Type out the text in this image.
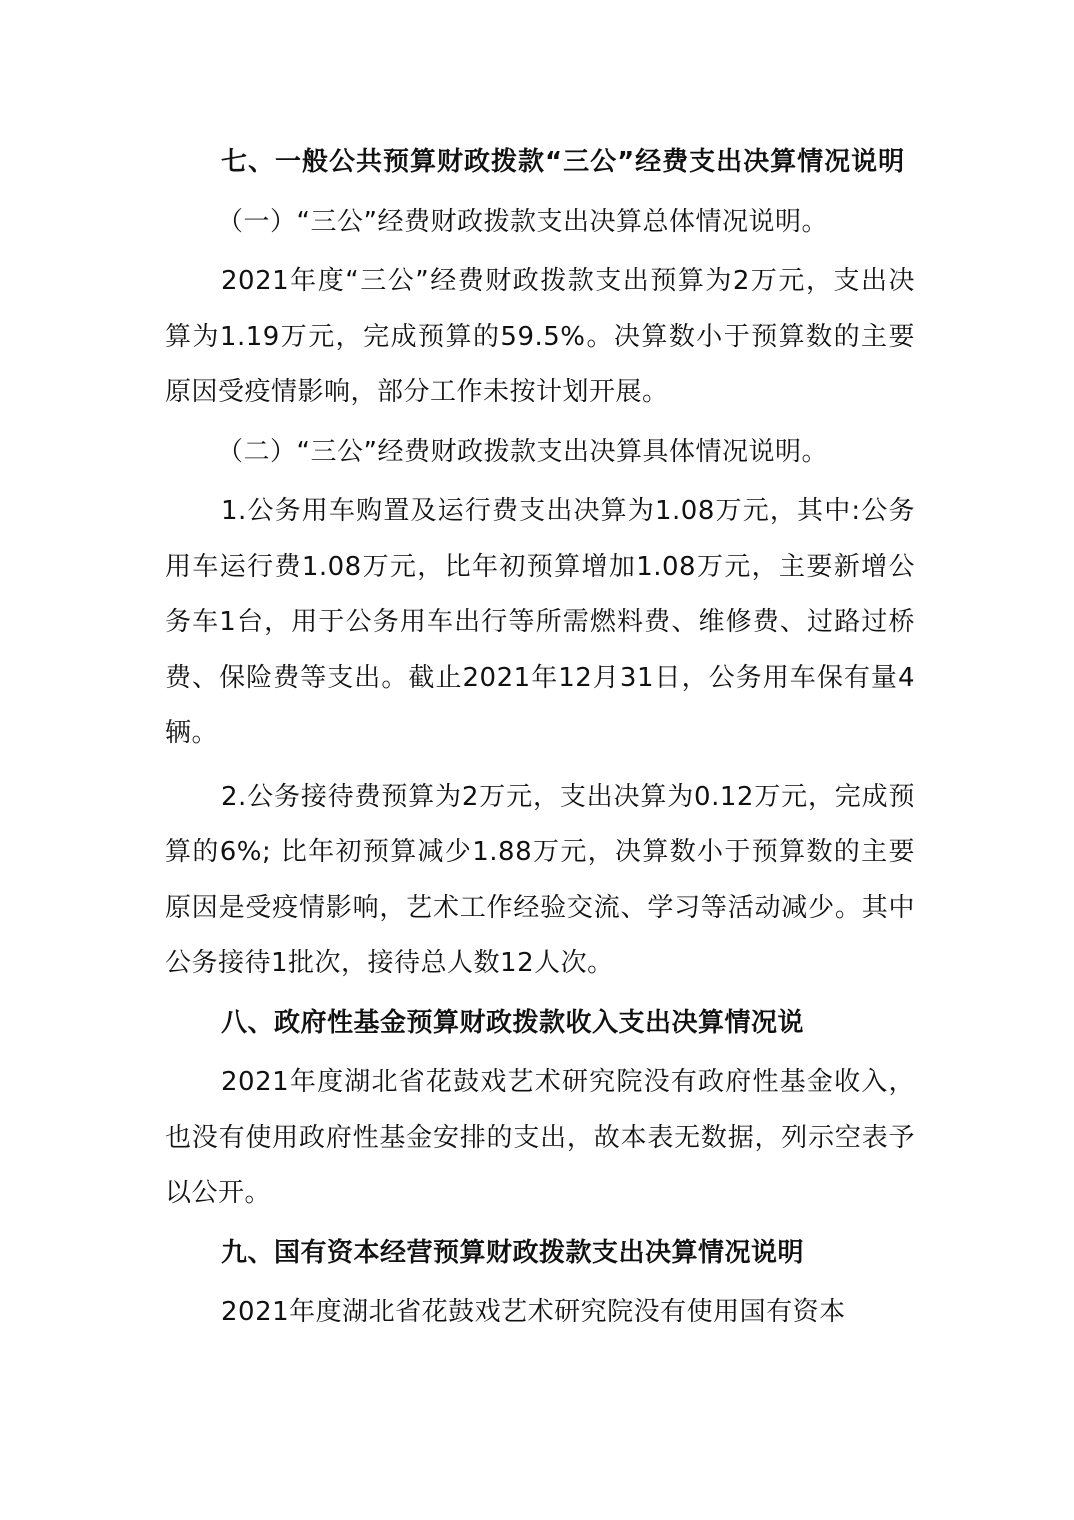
七、一般公共预算财政拨款“三公”经费支出决算情况说明

（一）“三公”经费财政拨款支出决算总体情况说明。

2021年度“三公”经费财政拨款支出预算为2万元，支出决算为1.19万元，完成预算的59.5%。决算数小于预算数的主要原因受疫情影响，部分工作未按计划开展。

（二）“三公”经费财政拨款支出决算具体情况说明。

1.公务用车购置及运行费支出决算为1.08万元，其中:公务用车运行费1.08万元，比年初预算增加1.08万元，主要新增公务车1台，用于公务用车出行等所需燃料费、维修费、过路过桥费、保险费等支出。截止2021年12月31日，公务用车保有量4辆。

2.公务接待费预算为2万元，支出决算为0.12万元，完成预算的6%; 比年初预算减少1.88万元，决算数小于预算数的主要原因是受疫情影响，艺术工作经验交流、学习等活动减少。其中公务接待1批次，接待总人数12人次。

八、政府性基金预算财政拨款收入支出决算情况说

2021年度湖北省花鼓戏艺术研究院没有政府性基金收入，也没有使用政府性基金安排的支出，故本表无数据，列示空表予以公开。

九、国有资本经营预算财政拨款支出决算情况说明

2021年度湖北省花鼓戏艺术研究院没有使用国有资本
